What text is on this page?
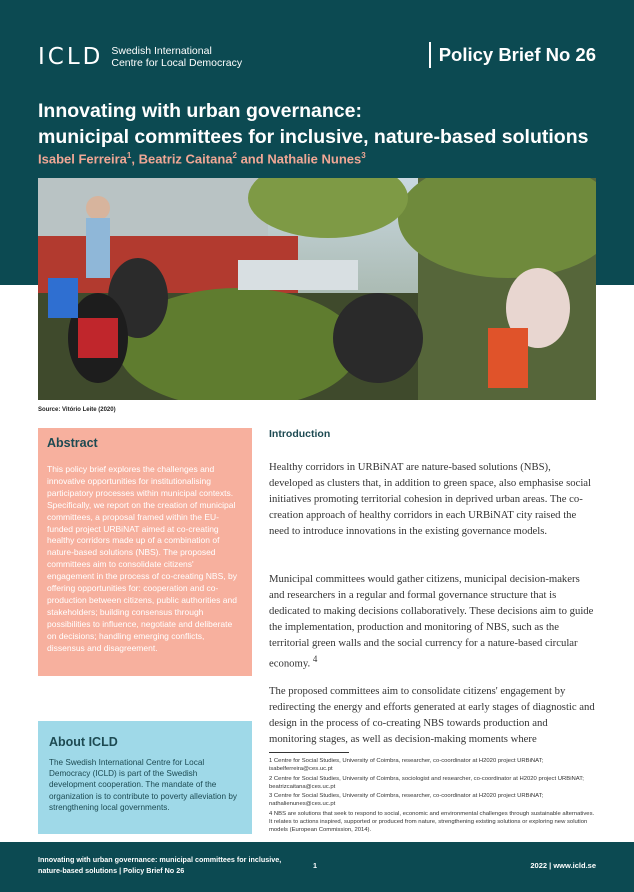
ICLD Swedish International
Centre for Local Democracy	Policy Brief No 26
Innovating with urban governance:
municipal committees for inclusive, nature-based solutions
Isabel Ferreira$^1$, Beatriz Caitana$^2$ and Nathalie Nunes$^3$
Source: Vitório Leite (2020)
Abstract

This policy brief explores the challenges and innovative opportunities for institutionalising participatory processes within municipal contexts. Specifically, we report on the creation of municipal committees, a proposal framed within the EU-funded project URBiNAT aimed at co-creating healthy corridors made up of a combination of nature-based solutions (NBS). The proposed committees aim to consolidate citizens' engagement in the process of co-creating NBS, by offering opportunities for: cooperation and co-production between citizens, public authorities and stakeholders; building consensus through possibilities to influence, negotiate and deliberate on decisions; handling emerging conflicts, dissensus and disagreement.

About ICLD

The Swedish International Centre for Local Democracy (ICLD) is part of the Swedish development cooperation. The mandate of the organization is to contribute to poverty alleviation by strengthening local governments.

Introduction

Healthy corridors in URBiNAT are nature-based solutions (NBS), developed as clusters that, in addition to green space, also emphasise social initiatives promoting territorial cohesion in deprived urban areas. The co-creation approach of healthy corridors in each URBiNAT city raised the need to introduce innovations in the existing governance models.

Municipal committees would gather citizens, municipal decision-makers and researchers in a regular and formal governance structure that is dedicated to making decisions collaboratively. These decisions aim to guide the implementation, production and monitoring of NBS, such as the territorial green walls and the social currency for a nature-based circular economy. $^4$

The proposed committees aim to consolidate citizens' engagement by redirecting the energy and efforts generated at early stages of diagnostic and design in the process of co-creating NBS towards production and monitoring stages, as well as decision-making moments where

1 Centre for Social Studies, University of Coimbra, researcher, co-coordinator at H2020 project URBiNAT; isabelferreira@ces.uc.pt
2 Centre for Social Studies, University of Coimbra, sociologist and researcher, co-coordinator at H2020 project URBiNAT; beatrizcaitana@ces.uc.pt
3 Centre for Social Studies, University of Coimbra, researcher, co-coordinator at H2020 project URBiNAT; nathalienunes@ces.uc.pt
4 NBS are solutions that seek to respond to social, economic and environmental challenges through sustainable alternatives. It relates to actions inspired, supported or produced from nature, strengthening existing solutions or exploring new solution models (European Commission, 2014).
Innovating with urban governance: municipal committees for inclusive,
nature-based solutions | Policy Brief No 26	1	2022 | www.icld.se
